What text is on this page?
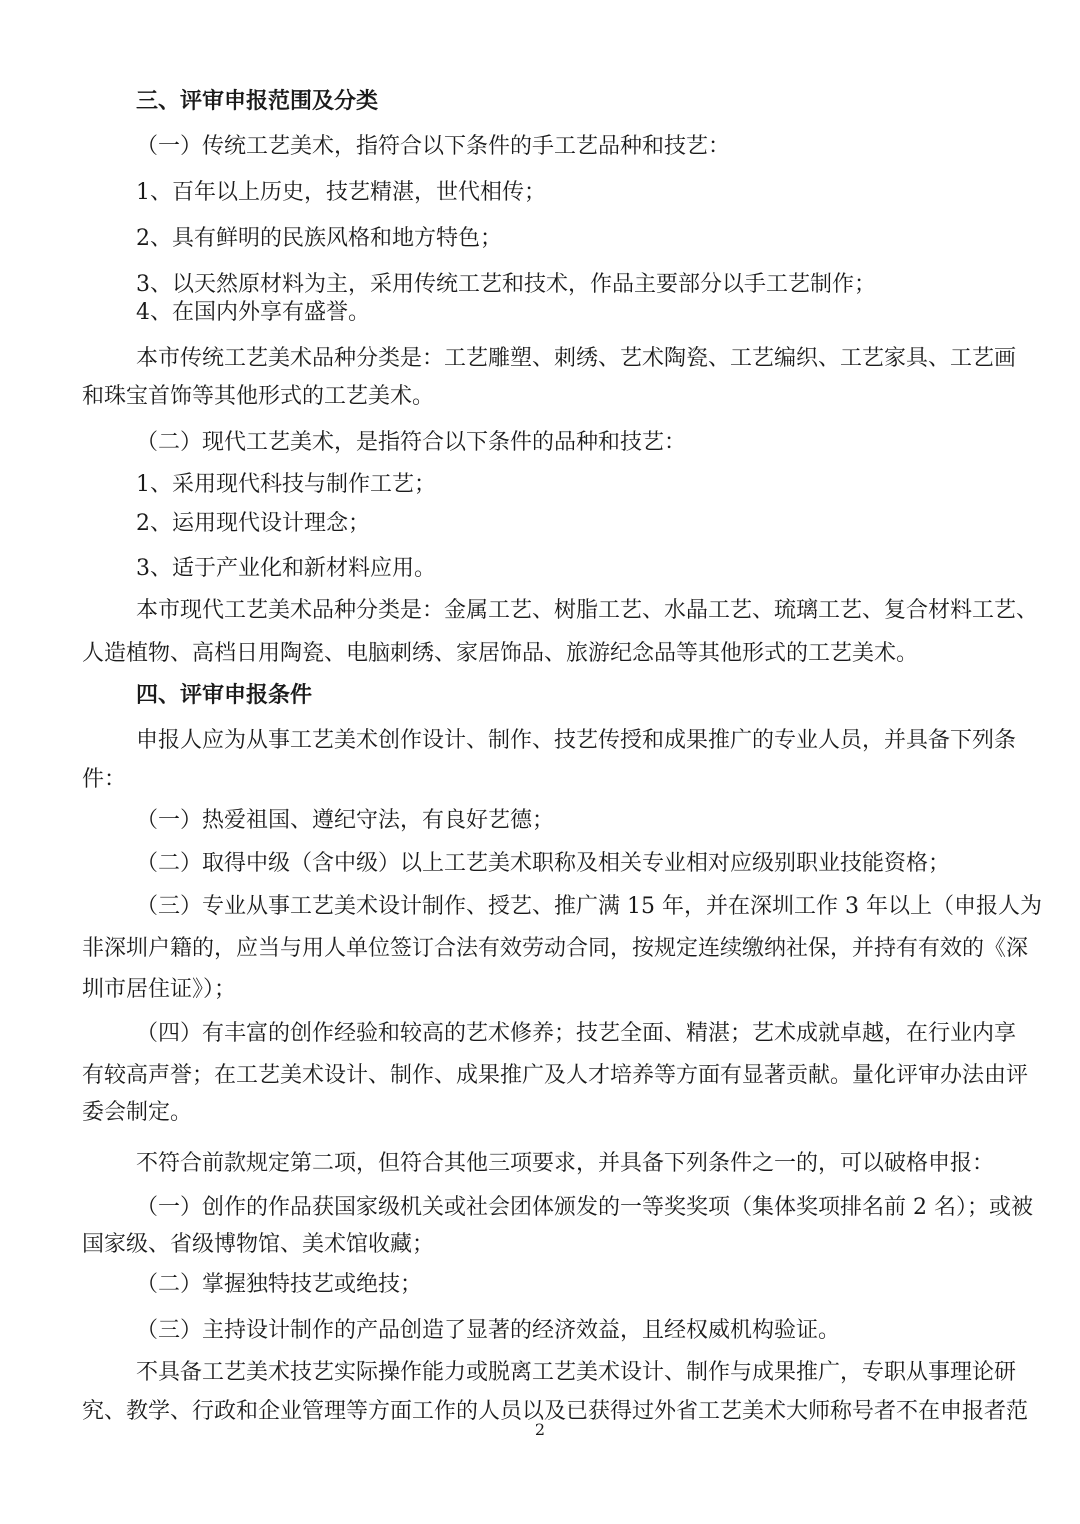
三、评审申报范围及分类
（一）传统工艺美术，指符合以下条件的手工艺品种和技艺：
1、百年以上历史，技艺精湛，世代相传；
2、具有鲜明的民族风格和地方特色；
3、以天然原材料为主，采用传统工艺和技术，作品主要部分以手工艺制作；
4、在国内外享有盛誉。
本市传统工艺美术品种分类是：工艺雕塑、刺绣、艺术陶瓷、工艺编织、工艺家具、工艺画
和珠宝首饰等其他形式的工艺美术。
（二）现代工艺美术，是指符合以下条件的品种和技艺：
1、采用现代科技与制作工艺；
2、运用现代设计理念；
3、适于产业化和新材料应用。
本市现代工艺美术品种分类是：金属工艺、树脂工艺、水晶工艺、琉璃工艺、复合材料工艺、
人造植物、高档日用陶瓷、电脑刺绣、家居饰品、旅游纪念品等其他形式的工艺美术。
四、评审申报条件
申报人应为从事工艺美术创作设计、制作、技艺传授和成果推广的专业人员，并具备下列条
件：
（一）热爱祖国、遵纪守法，有良好艺德；
（二）取得中级（含中级）以上工艺美术职称及相关专业相对应级别职业技能资格；
（三）专业从事工艺美术设计制作、授艺、推广满 15 年，并在深圳工作 3 年以上（申报人为
非深圳户籍的，应当与用人单位签订合法有效劳动合同，按规定连续缴纳社保，并持有有效的《深
圳市居住证》）；
（四）有丰富的创作经验和较高的艺术修养；技艺全面、精湛；艺术成就卓越，在行业内享
有较高声誉；在工艺美术设计、制作、成果推广及人才培养等方面有显著贡献。量化评审办法由评
委会制定。
不符合前款规定第二项，但符合其他三项要求，并具备下列条件之一的，可以破格申报：
（一）创作的作品获国家级机关或社会团体颁发的一等奖奖项（集体奖项排名前 2 名）；或被
国家级、省级博物馆、美术馆收藏；
（二）掌握独特技艺或绝技；
（三）主持设计制作的产品创造了显著的经济效益，且经权威机构验证。
不具备工艺美术技艺实际操作能力或脱离工艺美术设计、制作与成果推广，专职从事理论研
究、教学、行政和企业管理等方面工作的人员以及已获得过外省工艺美术大师称号者不在申报者范
2
